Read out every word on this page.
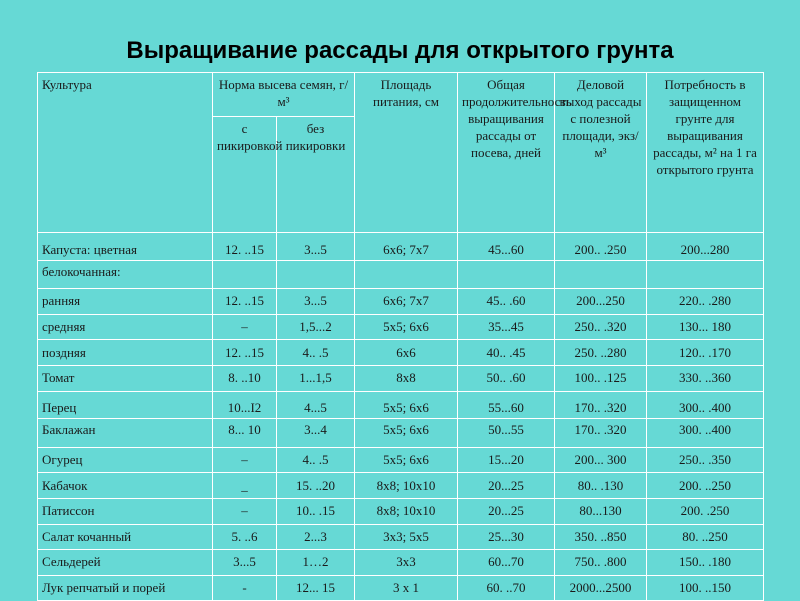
Выращивание рассады для открытого грунта
Культура	Норма высева семян, г/м³		Площадь питания, см	Общая продолжительность выращивания рассады от посева, дней	Деловой выход рассады с полезной площади, экз/м³	Потребность в защищенном грунте для выращивания рассады, м² на 1 га открытого грунта
	с пикировкой	без пикировки				
Капуста: цветная	12. ..15	3...5	6х6; 7х7	45...60	200.. .250	200...280
белокочанная:						
ранняя	12. ..15	3...5	6х6; 7х7	45.. .60	200...250	220.. .280
средняя	–	1,5...2	5х5; 6х6	35...45	250.. .320	130... 180
поздняя	12. ..15	4.. .5	6х6	40.. .45	250. ..280	120.. .170
Томат	8. ..10	1...1,5	8х8	50.. .60	100.. .125	330. ..360
Перец	10...I2	4...5	5х5; 6х6	55...60	170.. .320	300.. .400
Баклажан	8... 10	3...4	5х5; 6х6	50...55	170.. .320	300. ..400
Огурец	–	4.. .5	5х5; 6х6	15...20	200... 300	250.. .350
Кабачок	_	15. ..20	8х8; 10х10	20...25	80.. .130	200. ..250
Патиссон	–	10.. .15	8х8; 10х10	20...25	80...130	200. .250
Салат кочанный	5. ..6	2...3	3х3; 5х5	25...30	350. ..850	80. ..250
Сельдерей	3...5	1…2	3х3	60...70	750.. .800	150.. .180
Лук репчатый и порей	-	12... 15	3 х 1	60. ..70	2000...2500	100. ..150
